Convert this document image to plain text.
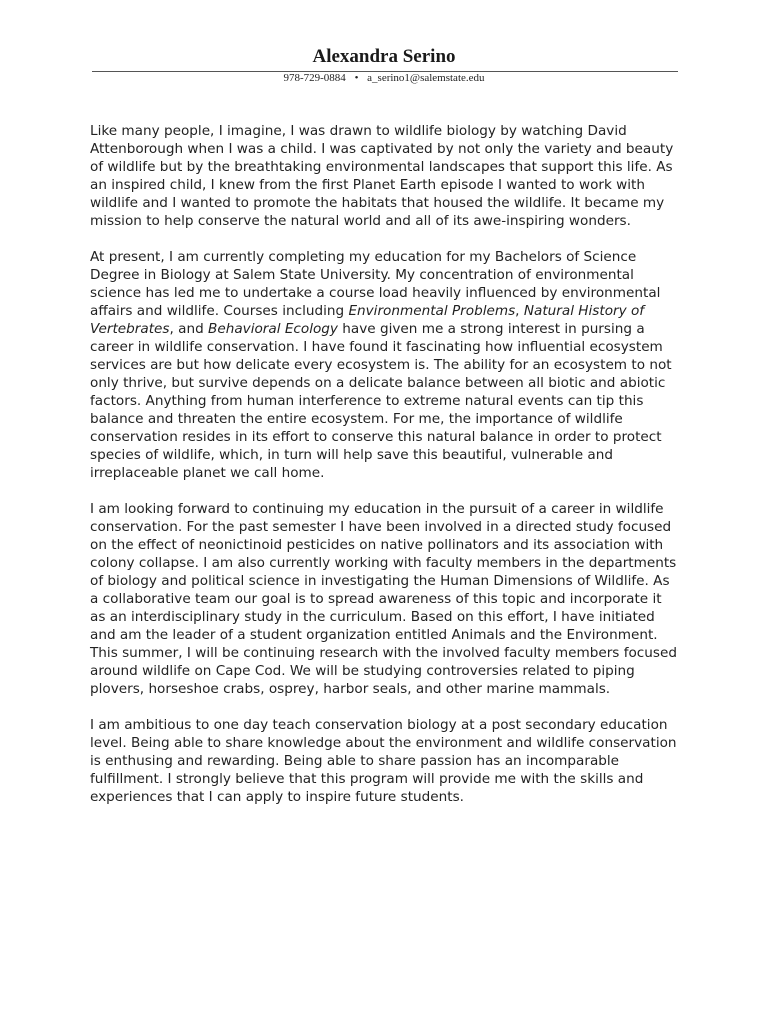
Alexandra Serino
978-729-0884 • a_serino1@salemstate.edu

Like many people, I imagine, I was drawn to wildlife biology by watching David Attenborough when I was a child. I was captivated by not only the variety and beauty of wildlife but by the breathtaking environmental landscapes that support this life. As an inspired child, I knew from the first Planet Earth episode I wanted to work with wildlife and I wanted to promote the habitats that housed the wildlife. It became my mission to help conserve the natural world and all of its awe-inspiring wonders.

At present, I am currently completing my education for my Bachelors of Science Degree in Biology at Salem State University. My concentration of environmental science has led me to undertake a course load heavily influenced by environmental affairs and wildlife. Courses including Environmental Problems, Natural History of Vertebrates, and Behavioral Ecology have given me a strong interest in pursing a career in wildlife conservation. I have found it fascinating how influential ecosystem services are but how delicate every ecosystem is. The ability for an ecosystem to not only thrive, but survive depends on a delicate balance between all biotic and abiotic factors. Anything from human interference to extreme natural events can tip this balance and threaten the entire ecosystem. For me, the importance of wildlife conservation resides in its effort to conserve this natural balance in order to protect species of wildlife, which, in turn will help save this beautiful, vulnerable and irreplaceable planet we call home.

I am looking forward to continuing my education in the pursuit of a career in wildlife conservation. For the past semester I have been involved in a directed study focused on the effect of neonictinoid pesticides on native pollinators and its association with colony collapse. I am also currently working with faculty members in the departments of biology and political science in investigating the Human Dimensions of Wildlife. As a collaborative team our goal is to spread awareness of this topic and incorporate it as an interdisciplinary study in the curriculum. Based on this effort, I have initiated and am the leader of a student organization entitled Animals and the Environment. This summer, I will be continuing research with the involved faculty members focused around wildlife on Cape Cod. We will be studying controversies related to piping plovers, horseshoe crabs, osprey, harbor seals, and other marine mammals.

I am ambitious to one day teach conservation biology at a post secondary education level. Being able to share knowledge about the environment and wildlife conservation is enthusing and rewarding. Being able to share passion has an incomparable fulfillment. I strongly believe that this program will provide me with the skills and experiences that I can apply to inspire future students.
